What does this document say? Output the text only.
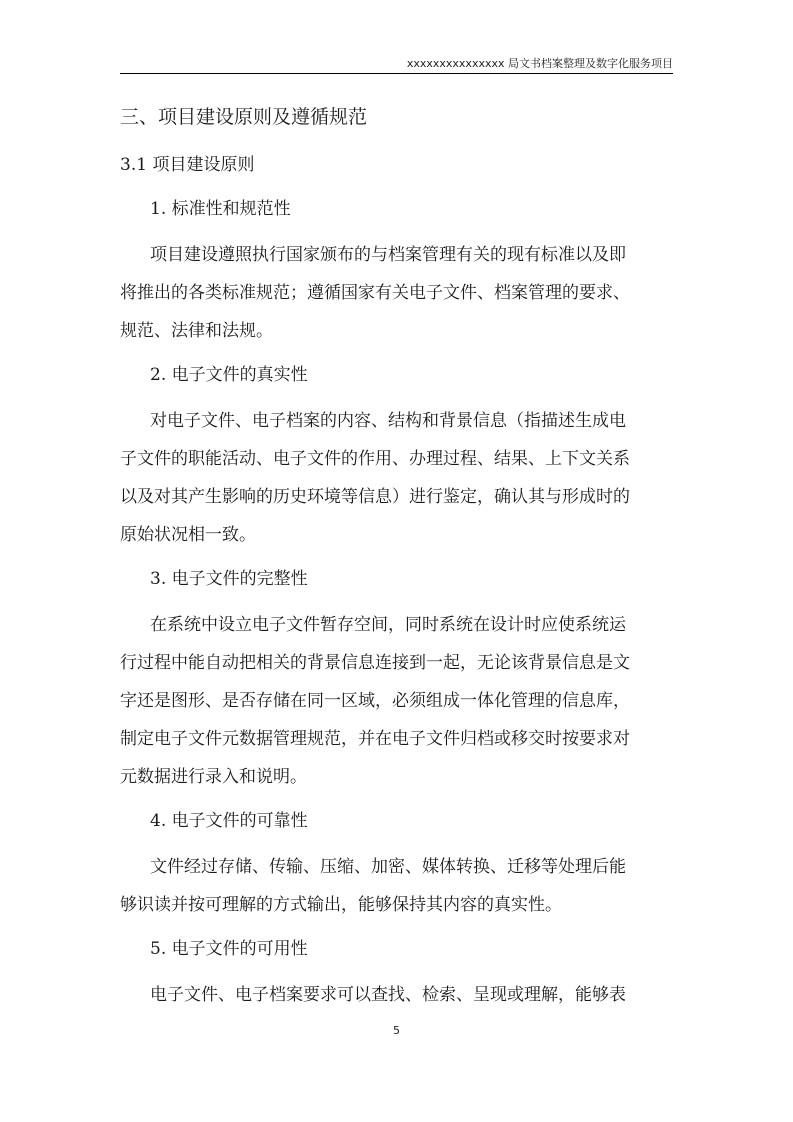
xxxxxxxxxxxxxxx 局文书档案整理及数字化服务项目
三、项目建设原则及遵循规范
3.1 项目建设原则
1. 标准性和规范性
项目建设遵照执行国家颁布的与档案管理有关的现有标准以及即
将推出的各类标准规范；遵循国家有关电子文件、档案管理的要求、
规范、法律和法规。
2. 电子文件的真实性
对电子文件、电子档案的内容、结构和背景信息（指描述生成电
子文件的职能活动、电子文件的作用、办理过程、结果、上下文关系
以及对其产生影响的历史环境等信息）进行鉴定，确认其与形成时的
原始状况相一致。
3. 电子文件的完整性
在系统中设立电子文件暂存空间，同时系统在设计时应使系统运
行过程中能自动把相关的背景信息连接到一起，无论该背景信息是文
字还是图形、是否存储在同一区域，必须组成一体化管理的信息库，
制定电子文件元数据管理规范，并在电子文件归档或移交时按要求对
元数据进行录入和说明。
4. 电子文件的可靠性
文件经过存储、传输、压缩、加密、媒体转换、迁移等处理后能
够识读并按可理解的方式输出，能够保持其内容的真实性。
5. 电子文件的可用性
电子文件、电子档案要求可以查找、检索、呈现或理解，能够表
5
